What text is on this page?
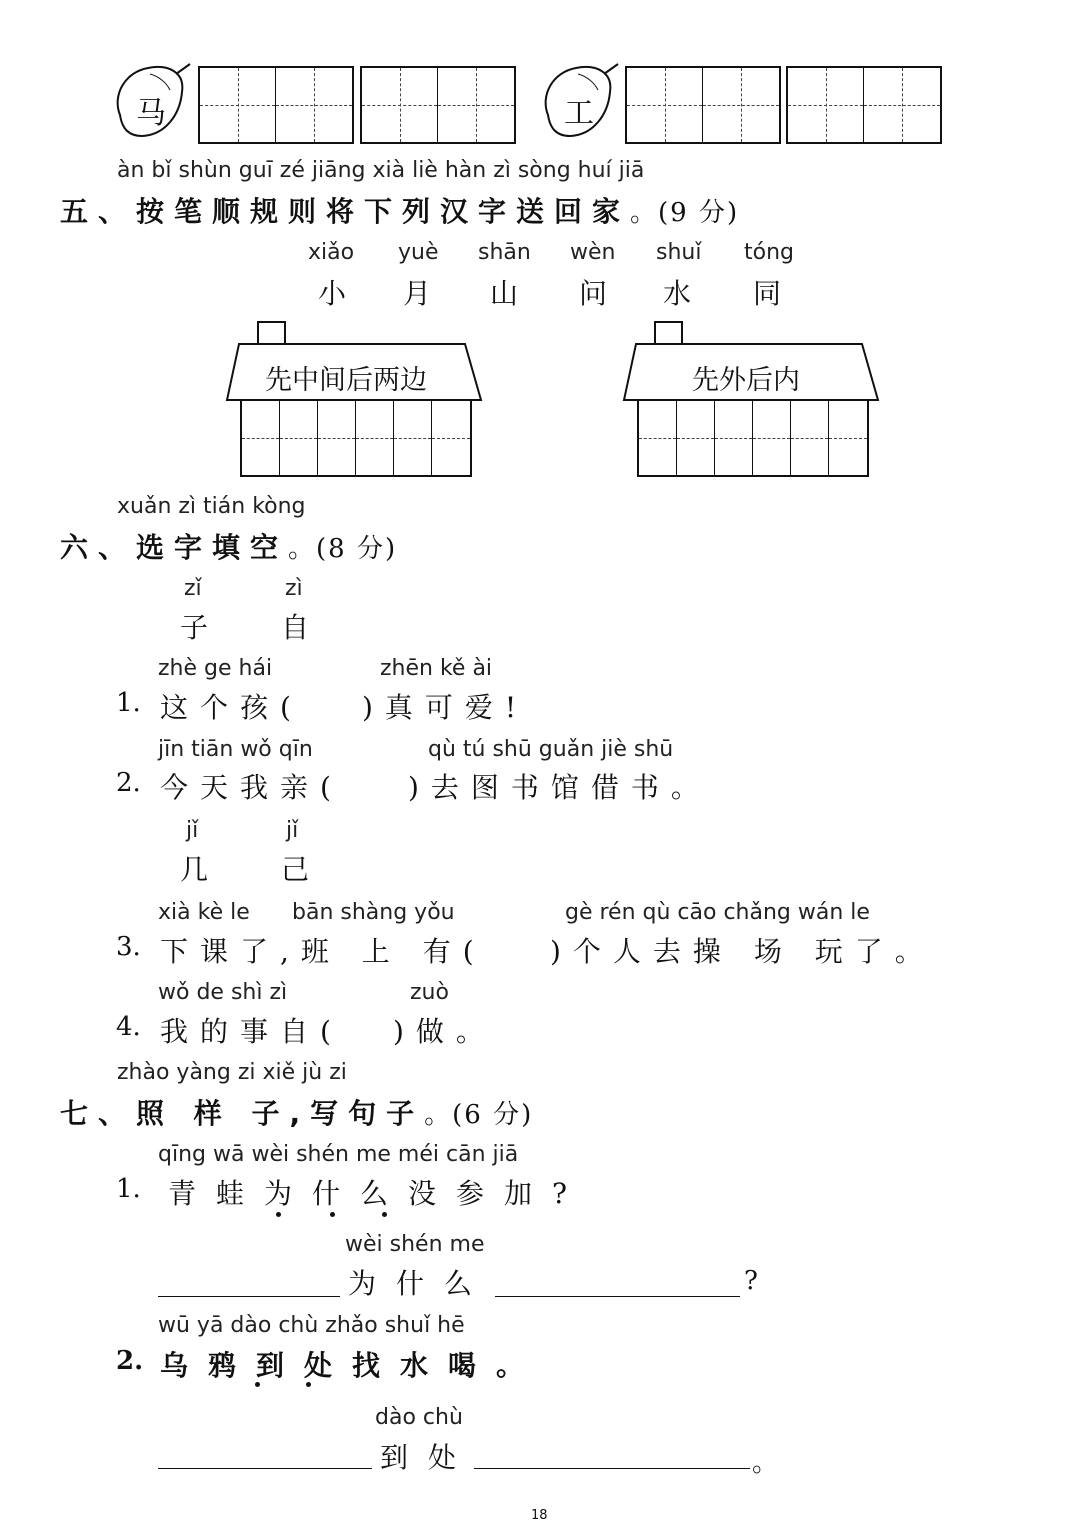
马	工
àn bǐ shùn guī zé jiāng xià liè hàn zì sòng huí jiā
五、按笔顺规则将下列汉字送回家。(9 分)
xiǎo yuè shān wèn shuǐ tóng
小 月 山 问 水 同
先中间后两边	先外后内
xuǎn zì tián kòng
六、选字填空。(8 分)
zǐ	zì
子	自
zhè ge hái	zhēn kě ài
1. 这个孩( )真可爱!
jīn tiān wǒ qīn	qù tú shū guǎn jiè shū
2. 今天我亲( )去图书馆借书。
jǐ	jǐ
几	己
xià kè le bān shàng yǒu	gè rén qù cāo chǎng wán le
3. 下课了,班 上 有( )个人去操 场 玩了。
wǒ de shì zì	zuò
4. 我的事自( )做。
zhào yàng zi xiě jù zi
七、照 样 子,写句子。(6 分)
qīng wā wèi shén me méi cān jiā
1. 青蛙为什么没参加?
wèi shén me
为什么	?
wū yā dào chù zhǎo shuǐ hē
2. 乌鸦到处找水喝。
dào chù
到处	。
18
